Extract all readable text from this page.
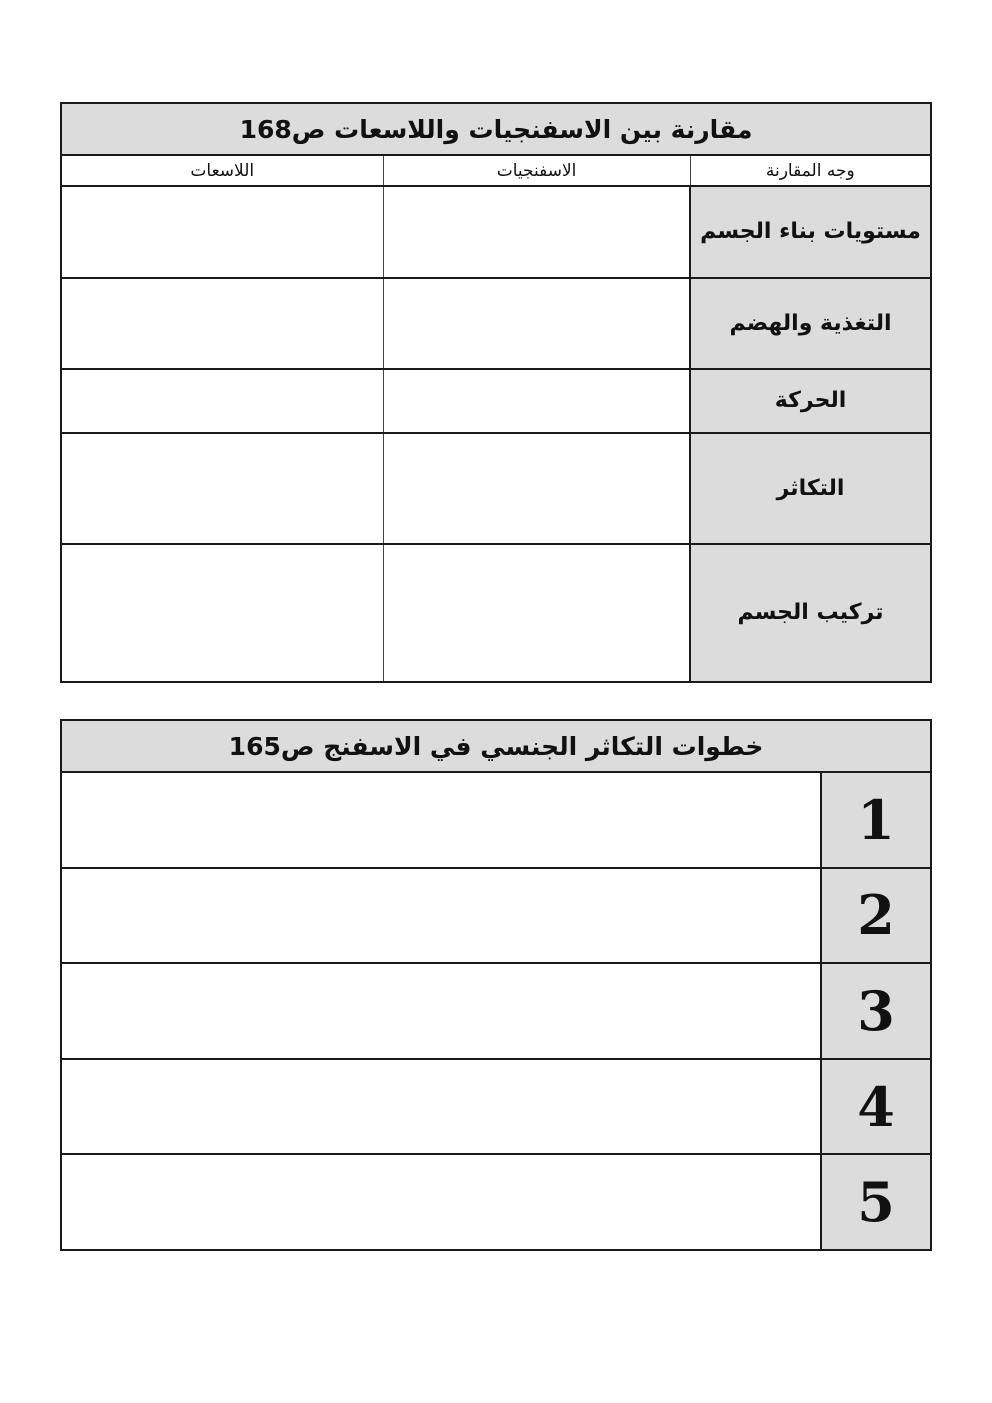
مقارنة بين الاسفنجيات واللاسعات ص168		
وجه المقارنة	الاسفنجيات	اللاسعات
مستويات بناء الجسم		
التغذية والهضم		
الحركة		
التكاثر		
تركيب الجسم		
خطوات التكاثر الجنسي في الاسفنج ص165	
1	
2	
3	
4	
5	
